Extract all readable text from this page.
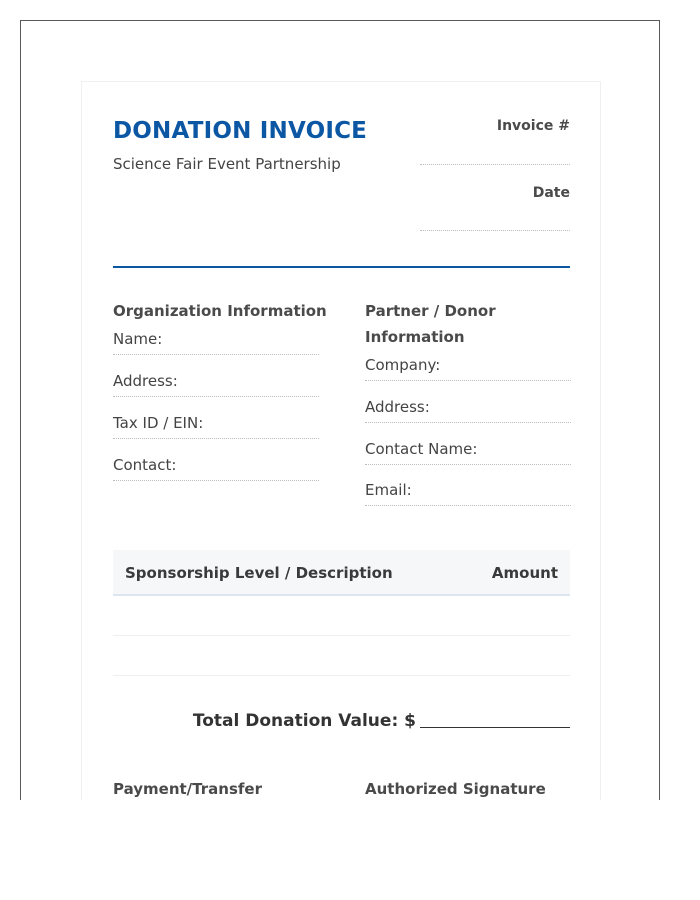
DONATION INVOICE
Science Fair Event Partnership
Invoice #
Date
Organization Information
Name:
Address:
Tax ID / EIN:
Contact:
Partner / Donor
Information
Company:
Address:
Contact Name:
Email:
Sponsorship Level / Description	Amount
Total Donation Value: $
Payment/Transfer	Authorized Signature
